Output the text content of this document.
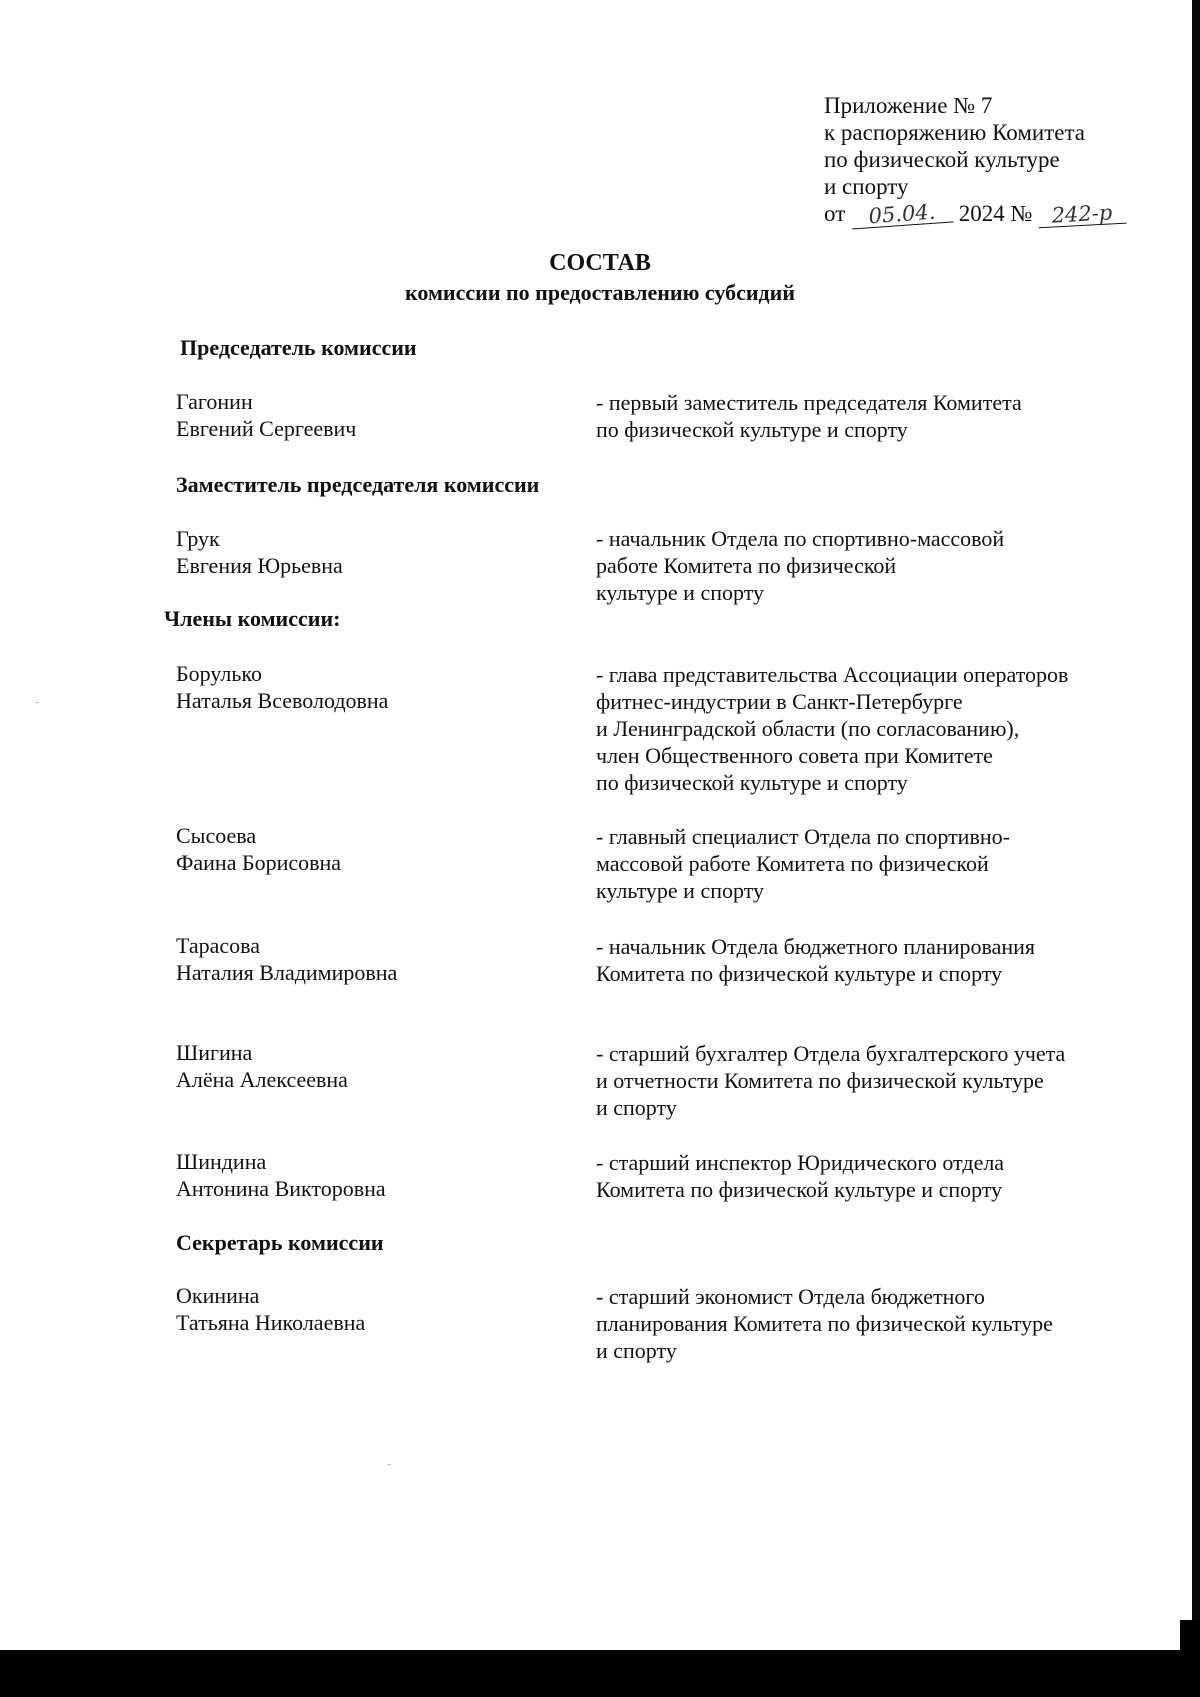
Приложение № 7
к распоряжению Комитета
по физической культуре
и спорту
от 05.04. 2024 № 242-р
СОСТАВ
комиссии по предоставлению субсидий
Председатель комиссии
Гагонин
Евгений Сергеевич
- первый заместитель председателя Комитета
по физической культуре и спорту
Заместитель председателя комиссии
Грук
Евгения Юрьевна
- начальник Отдела по спортивно-массовой
работе Комитета по физической
культуре и спорту
Члены комиссии:
Борулько
Наталья Всеволодовна
- глава представительства Ассоциации операторов
фитнес-индустрии в Санкт-Петербурге
и Ленинградской области (по согласованию),
член Общественного совета при Комитете
по физической культуре и спорту
Сысоева
Фаина Борисовна
- главный специалист Отдела по спортивно-
массовой работе Комитета по физической
культуре и спорту
Тарасова
Наталия Владимировна
- начальник Отдела бюджетного планирования
Комитета по физической культуре и спорту
Шигина
Алёна Алексеевна
- старший бухгалтер Отдела бухгалтерского учета
и отчетности Комитета по физической культуре
и спорту
Шиндина
Антонина Викторовна
- старший инспектор Юридического отдела
Комитета по физической культуре и спорту
Секретарь комиссии
Окинина
Татьяна Николаевна
- старший экономист Отдела бюджетного
планирования Комитета по физической культуре
и спорту
